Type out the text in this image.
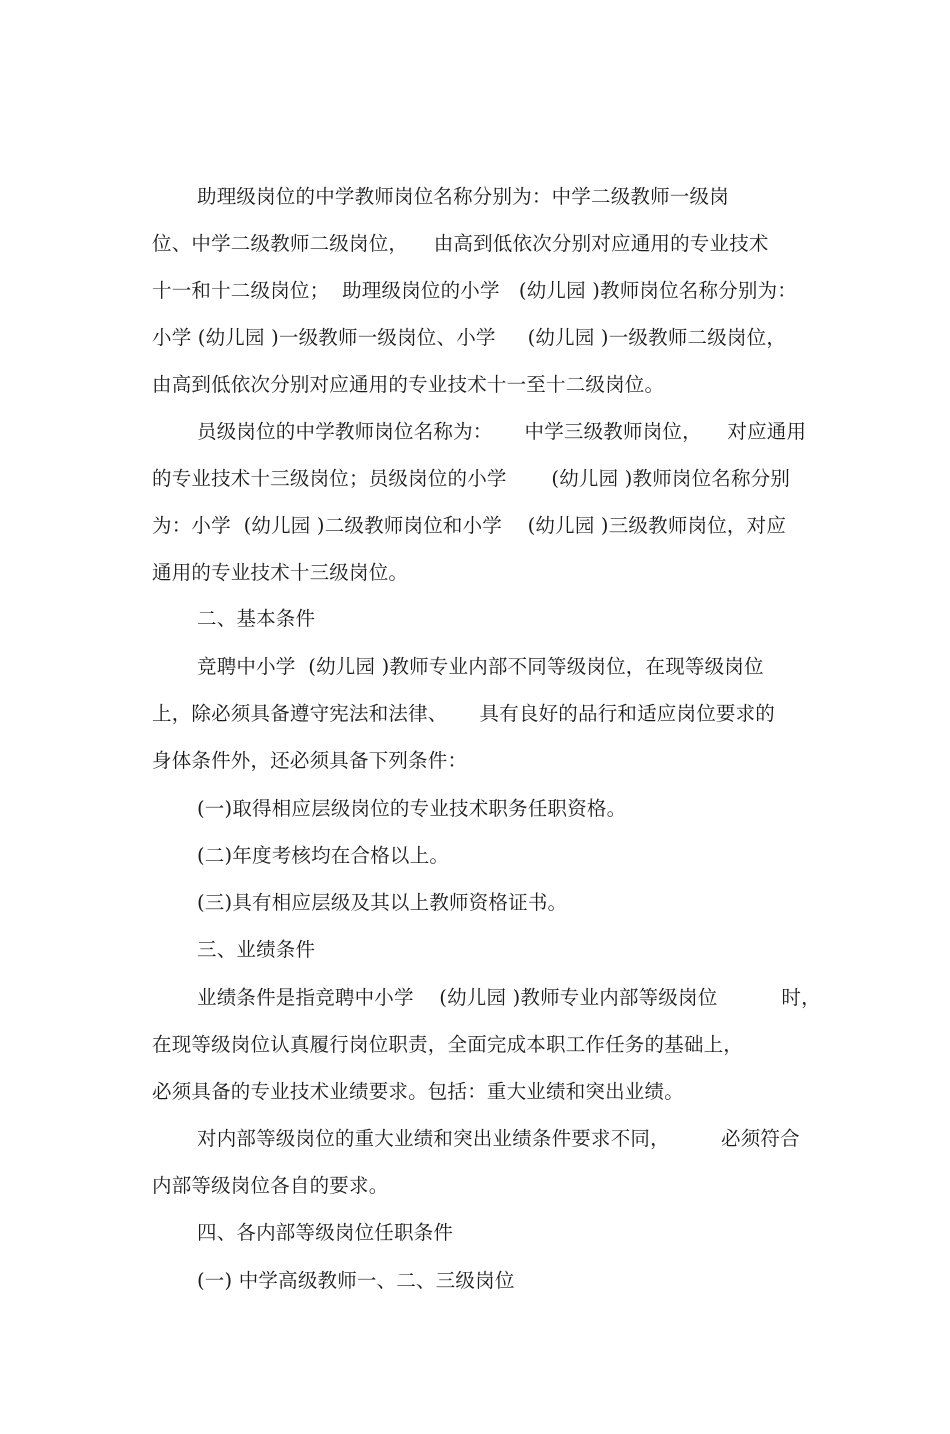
助理级岗位的中学教师岗位名称分别为：中学二级教师一级岗
位、中学二级教师二级岗位，    由高到低依次分别对应通用的专业技术
十一和十二级岗位；  助理级岗位的小学   (幼儿园 )教师岗位名称分别为：
小学 (幼儿园 )一级教师一级岗位、小学     (幼儿园 )一级教师二级岗位，
由高到低依次分别对应通用的专业技术十一至十二级岗位。
员级岗位的中学教师岗位名称为：     中学三级教师岗位，    对应通用
的专业技术十三级岗位；员级岗位的小学       (幼儿园 )教师岗位名称分别
为：小学  (幼儿园 )二级教师岗位和小学    (幼儿园 )三级教师岗位，对应
通用的专业技术十三级岗位。
二、基本条件
竞聘中小学  (幼儿园 )教师专业内部不同等级岗位，在现等级岗位
上，除必须具备遵守宪法和法律、     具有良好的品行和适应岗位要求的
身体条件外，还必须具备下列条件：
(一)取得相应层级岗位的专业技术职务任职资格。
(二)年度考核均在合格以上。
(三)具有相应层级及其以上教师资格证书。
三、业绩条件
业绩条件是指竞聘中小学    (幼儿园 )教师专业内部等级岗位          时，
在现等级岗位认真履行岗位职责，全面完成本职工作任务的基础上，
必须具备的专业技术业绩要求。包括：重大业绩和突出业绩。
对内部等级岗位的重大业绩和突出业绩条件要求不同，        必须符合
内部等级岗位各自的要求。
四、各内部等级岗位任职条件
(一) 中学高级教师一、二、三级岗位
